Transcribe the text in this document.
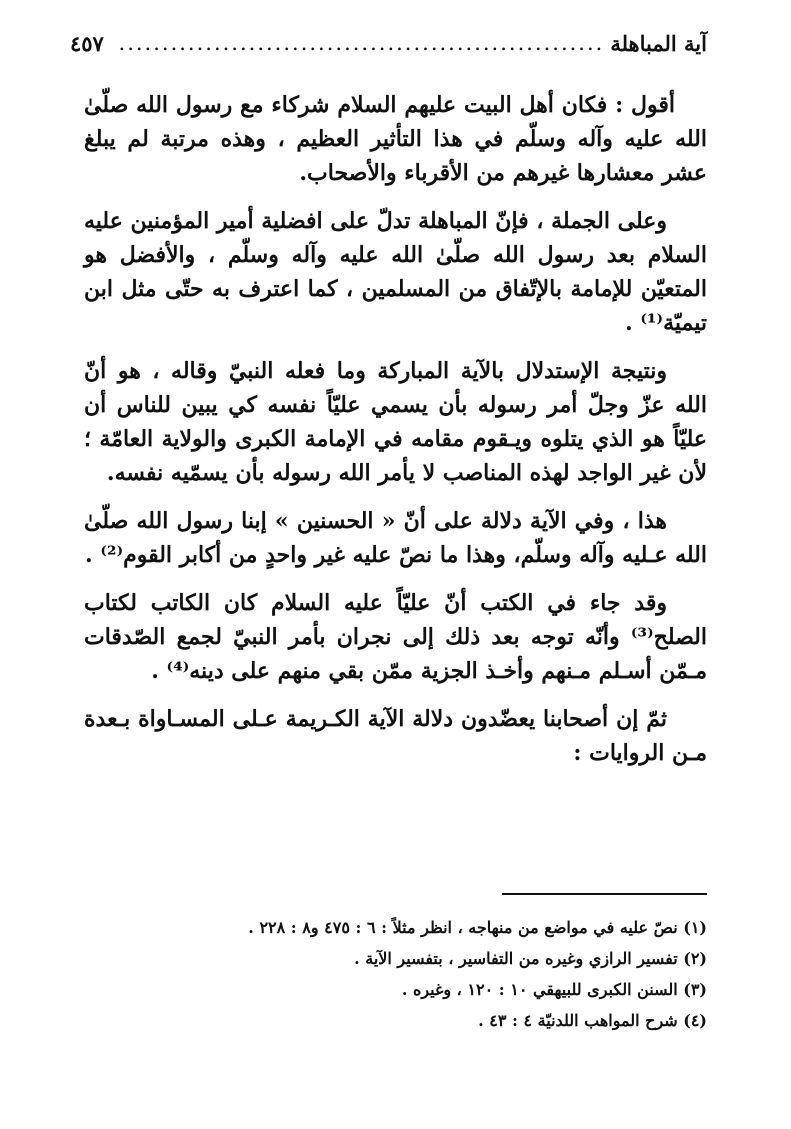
آية المباهلة
........................................................
٤٥٧

أقول : فكان أهل البيت عليهم السلام شركاء مع رسول الله صلّىٰ الله عليه وآله وسلّم في هذا التأثير العظيم ، وهذه مرتبة لم يبلغ عشر معشارها غيرهم من الأقرباء والأصحاب.

وعلى الجملة ، فإنّ المباهلة تدلّ على افضلية أمير المؤمنين عليه السلام بعد رسول الله صلّىٰ الله عليه وآله وسلّم ، والأفضل هو المتعيّن للإمامة بالإتّفاق من المسلمين ، كما اعترف به حتّى مثل ابن تيميّة⁽¹⁾ .

ونتيجة الإستدلال بالآية المباركة وما فعله النبيّ وقاله ، هو أنّ الله عزّ وجلّ أمر رسوله بأن يسمي عليّاً نفسه كي يبين للناس أن عليّاً هو الذي يتلوه ويـقوم مقامه في الإمامة الكبرى والولاية العامّة ؛ لأن غير الواجد لهذه المناصب لا يأمر الله رسوله بأن يسمّيه نفسه.

هذا ، وفي الآية دلالة على أنّ « الحسنين » إبنا رسول الله صلّىٰ الله عـليه وآله وسلّم، وهذا ما نصّ عليه غير واحدٍ من أكابر القوم⁽²⁾ .

وقد جاء في الكتب أنّ عليّاً عليه السلام كان الكاتب لكتاب الصلح⁽³⁾ وأنّه توجه بعد ذلك إلى نجران بأمر النبيّ لجمع الصّدقات مـمّن أسـلم مـنهم وأخـذ الجزية ممّن بقي منهم على دينه⁽⁴⁾ .

ثمّ إن أصحابنا يعضّدون دلالة الآية الكـريمة عـلى المسـاواة بـعدة مـن الروايات :

(١) نصّ عليه في مواضع من منهاجه ، انظر مثلاً : ٦ : ٤٧٥ و٨ : ٢٢٨ .

(٢) تفسير الرازي وغيره من التفاسير ، بتفسير الآية .

(٣) السنن الكبرى للبيهقي ١٠ : ١٢٠ ، وغيره .

(٤) شرح المواهب اللدنيّة ٤ : ٤٣ .
